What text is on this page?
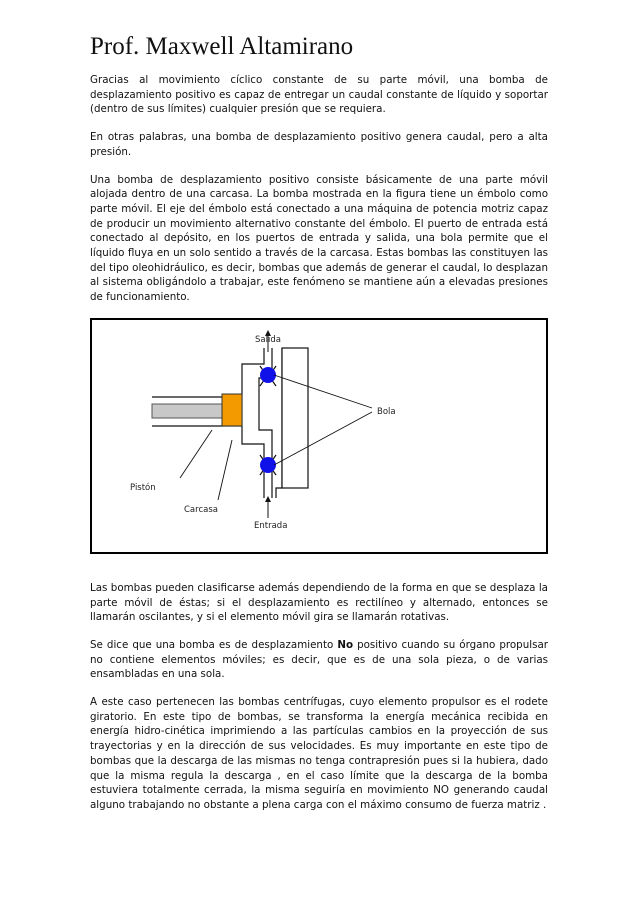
Prof. Maxwell Altamirano

Gracias al movimiento cíclico constante de su parte móvil, una bomba de desplazamiento positivo es capaz de entregar un caudal constante de líquido y soportar (dentro de sus límites) cualquier presión que se requiera.

En otras palabras, una bomba de desplazamiento positivo genera caudal, pero a alta presión.

Una bomba de desplazamiento positivo consiste básicamente de una parte móvil alojada dentro de una carcasa. La bomba mostrada en la figura tiene un émbolo como parte móvil. El eje del émbolo está conectado a una máquina de potencia motriz capaz de producir un movimiento alternativo constante del émbolo. El puerto de entrada está conectado al depósito, en los puertos de entrada y salida, una bola permite que el líquido fluya en un solo sentido a través de la carcasa. Estas bombas las constituyen las del tipo oleohidráulico, es decir, bombas que además de generar el caudal, lo desplazan al sistema obligándolo a trabajar, este fenómeno se mantiene aún a elevadas presiones de funcionamiento.

Salida
Bola
Pistón
Carcasa
Entrada

Las bombas pueden clasificarse además dependiendo de la forma en que se desplaza la parte móvil de éstas; si el desplazamiento es rectilíneo y alternado, entonces se llamarán oscilantes, y si el elemento móvil gira se llamarán rotativas.

Se dice que una bomba es de desplazamiento No positivo cuando su órgano propulsar no contiene elementos móviles; es decir, que es de una sola pieza, o de varias ensambladas en una sola.

A este caso pertenecen las bombas centrífugas, cuyo elemento propulsor es el rodete giratorio. En este tipo de bombas, se transforma la energía mecánica recibida en energía hidro-cinética imprimiendo a las partículas cambios en la proyección de sus trayectorias y en la dirección de sus velocidades. Es muy importante en este tipo de bombas que la descarga de las mismas no tenga contrapresión pues si la hubiera, dado que la misma regula la descarga , en el caso límite que la descarga de la bomba estuviera totalmente cerrada, la misma seguiría en movimiento NO generando caudal alguno trabajando no obstante a plena carga con el máximo consumo de fuerza matriz .
